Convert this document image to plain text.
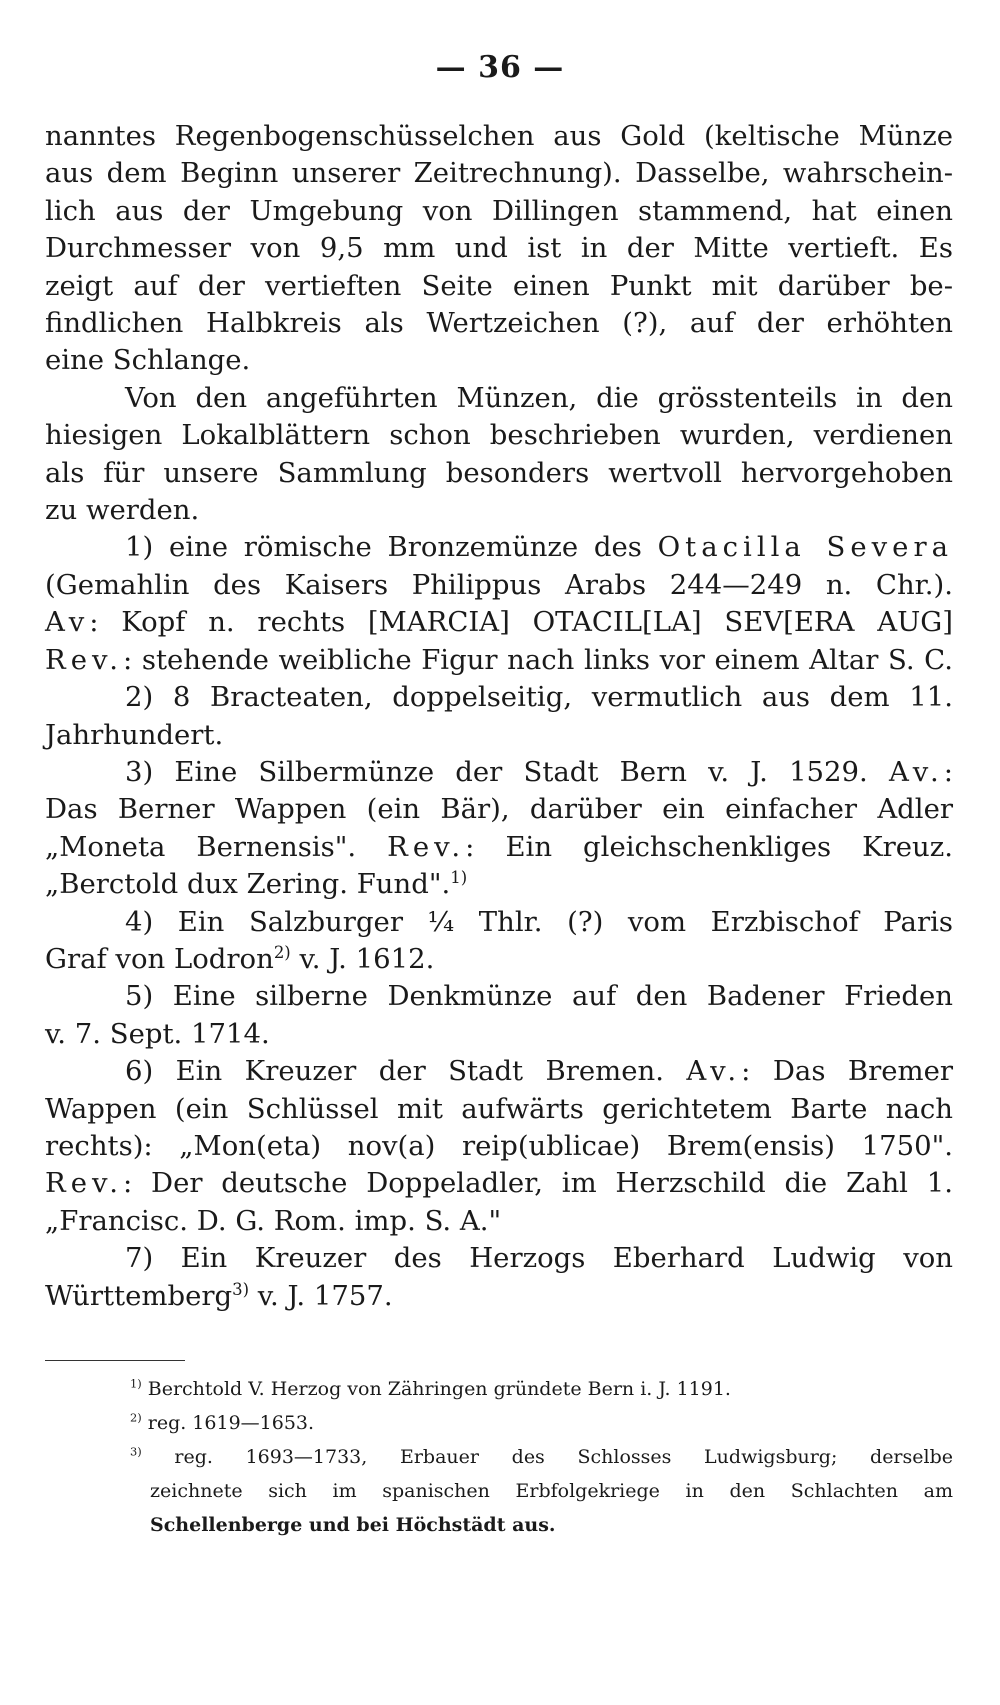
— 36 —

nanntes Regenbogenschüsselchen aus Gold (keltische Münze
aus dem Beginn unserer Zeitrechnung). Dasselbe, wahrschein-
lich aus der Umgebung von Dillingen stammend, hat einen
Durchmesser von 9,5 mm und ist in der Mitte vertieft. Es
zeigt auf der vertieften Seite einen Punkt mit darüber be-
findlichen Halbkreis als Wertzeichen (?), auf der erhöhten
eine Schlange.

Von den angeführten Münzen, die grösstenteils in den
hiesigen Lokalblättern schon beschrieben wurden, verdienen
als für unsere Sammlung besonders wertvoll hervorgehoben
zu werden.

1) eine römische Bronzemünze des Otacilla Severa
(Gemahlin des Kaisers Philippus Arabs 244—249 n. Chr.).
Av: Kopf n. rechts [MARCIA] OTACIL[LA] SEV[ERA AUG]
Rev.: stehende weibliche Figur nach links vor einem Altar S. C.

2) 8 Bracteaten, doppelseitig, vermutlich aus dem 11.
Jahrhundert.

3) Eine Silbermünze der Stadt Bern v. J. 1529. Av.:
Das Berner Wappen (ein Bär), darüber ein einfacher Adler
„Moneta Bernensis". Rev.: Ein gleichschenkliges Kreuz.
„Berctold dux Zering. Fund".$^{1)}$

4) Ein Salzburger ¼ Thlr. (?) vom Erzbischof Paris
Graf von Lodron$^{2)}$ v. J. 1612.

5) Eine silberne Denkmünze auf den Badener Frieden
v. 7. Sept. 1714.

6) Ein Kreuzer der Stadt Bremen. Av.: Das Bremer
Wappen (ein Schlüssel mit aufwärts gerichtetem Barte nach
rechts): „Mon(eta) nov(a) reip(ublicae) Brem(ensis) 1750".
Rev.: Der deutsche Doppeladler, im Herzschild die Zahl 1.
„Francisc. D. G. Rom. imp. S. A."

7) Ein Kreuzer des Herzogs Eberhard Ludwig von
Württemberg$^{3)}$ v. J. 1757.

$^{1)}$ Berchtold V. Herzog von Zähringen gründete Bern i. J. 1191.
$^{2)}$ reg. 1619—1653.
$^{3)}$ reg. 1693—1733, Erbauer des Schlosses Ludwigsburg; derselbe
zeichnete sich im spanischen Erbfolgekriege in den Schlachten am
Schellenberge und bei Höchstädt aus.
